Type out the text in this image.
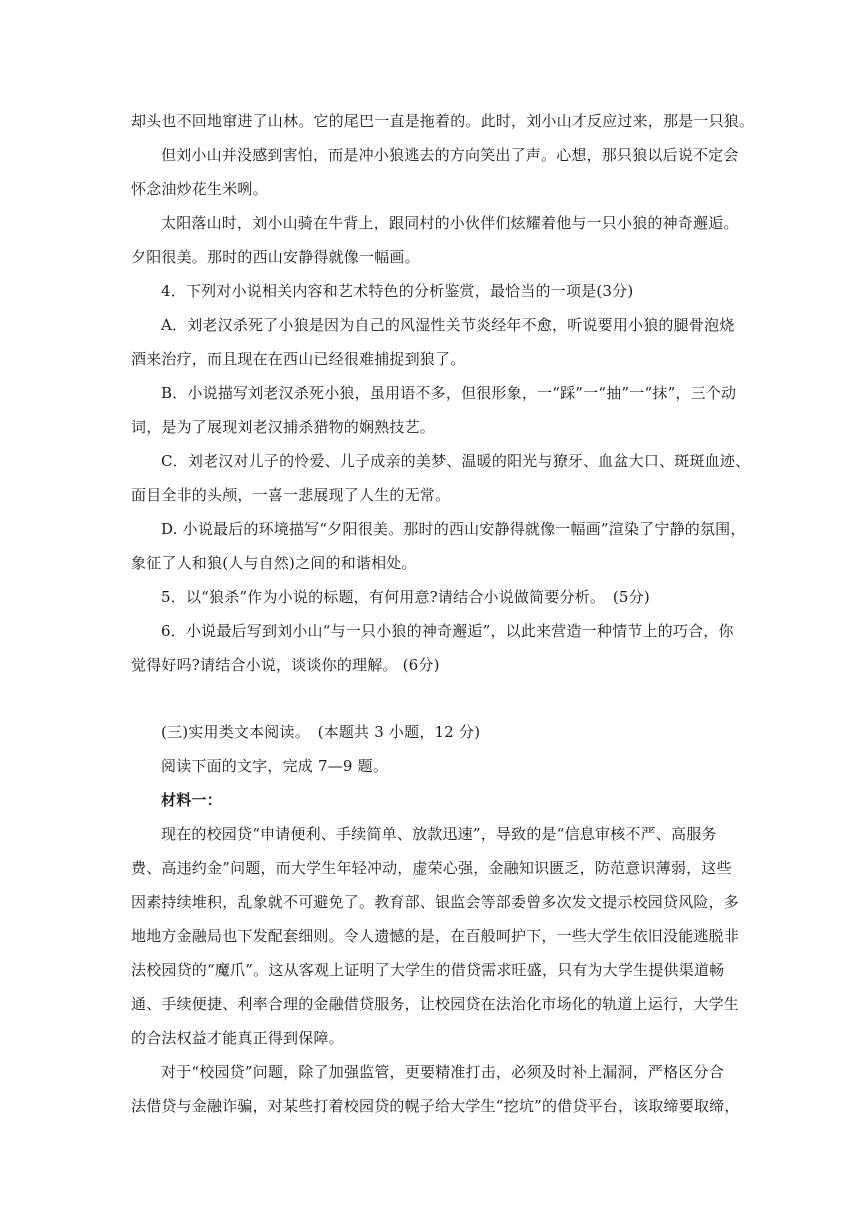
却头也不回地窜进了山林。它的尾巴一直是拖着的。此时，刘小山才反应过来，那是一只狼。
但刘小山并没感到害怕，而是冲小狼逃去的方向笑出了声。心想，那只狼以后说不定会
怀念油炒花生米咧。
太阳落山时，刘小山骑在牛背上，跟同村的小伙伴们炫耀着他与一只小狼的神奇邂逅。
夕阳很美。那时的西山安静得就像一幅画。
4．下列对小说相关内容和艺术特色的分析鉴赏，最恰当的一项是(3分)
A．刘老汉杀死了小狼是因为自己的风湿性关节炎经年不愈，听说要用小狼的腿骨泡烧
酒来治疗，而且现在在西山已经很难捕捉到狼了。
B．小说描写刘老汉杀死小狼，虽用语不多，但很形象，一“踩”一“抽”一“抹”，三个动
词，是为了展现刘老汉捕杀猎物的娴熟技艺。
C．刘老汉对儿子的怜爱、儿子成亲的美梦、温暖的阳光与獠牙、血盆大口、斑斑血迹、
面目全非的头颅，一喜一悲展现了人生的无常。
D. 小说最后的环境描写“夕阳很美。那时的西山安静得就像一幅画”渲染了宁静的氛围，
象征了人和狼(人与自然)之间的和谐相处。
5．以“狼杀”作为小说的标题，有何用意?请结合小说做简要分析。　(5分)
6．小说最后写到刘小山“与一只小狼的神奇邂逅”，以此来营造一种情节上的巧合，你
觉得好吗?请结合小说，谈谈你的理解。 (6分)
(三)实用类文本阅读。　(本题共 3 小题，12 分)
阅读下面的文字，完成 7—9 题。
材料一：
现在的校园贷“申请便利、手续简单、放款迅速”，导致的是“信息审核不严、高服务
费、高违约金”问题，而大学生年轻冲动，虚荣心强，金融知识匮乏，防范意识薄弱，这些
因素持续堆积，乱象就不可避免了。教育部、银监会等部委曾多次发文提示校园贷风险，多
地地方金融局也下发配套细则。令人遗憾的是，在百般呵护下，一些大学生依旧没能逃脱非
法校园贷的“魔爪”。这从客观上证明了大学生的借贷需求旺盛，只有为大学生提供渠道畅
通、手续便捷、利率合理的金融借贷服务，让校园贷在法治化市场化的轨道上运行，大学生
的合法权益才能真正得到保障。
对于“校园贷”问题，除了加强监管，更要精准打击，必须及时补上漏洞，严格区分合
法借贷与金融诈骗，对某些打着校园贷的幌子给大学生“挖坑”的借贷平台，该取缔要取缔，
